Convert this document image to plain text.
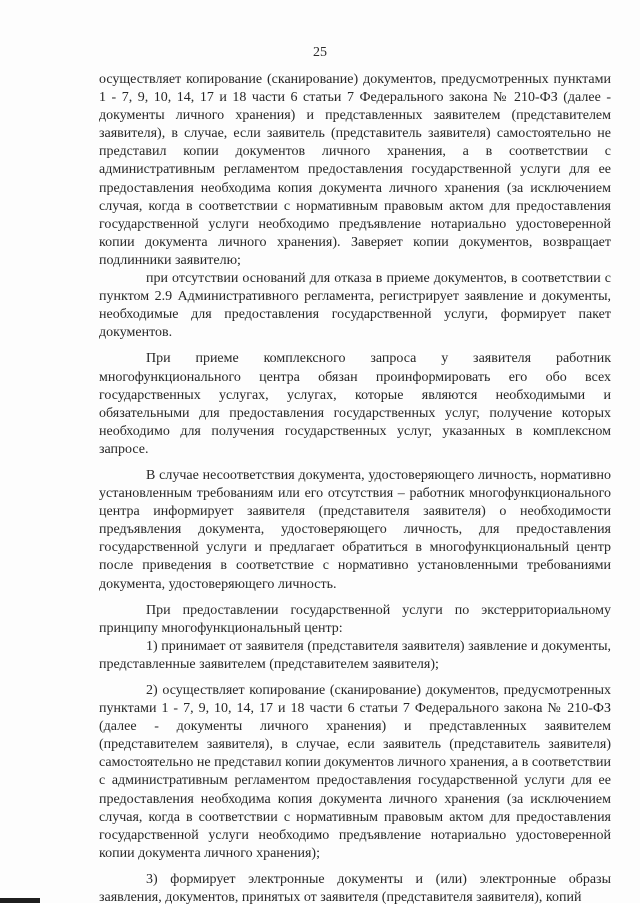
25

осуществляет копирование (сканирование) документов, предусмотренных пунктами 1 - 7, 9, 10, 14, 17 и 18 части 6 статьи 7 Федерального закона № 210-ФЗ (далее - документы личного хранения) и представленных заявителем (представителем заявителя), в случае, если заявитель (представитель заявителя) самостоятельно не представил копии документов личного хранения, а в соответствии с административным регламентом предоставления государственной услуги для ее предоставления необходима копия документа личного хранения (за исключением случая, когда в соответствии с нормативным правовым актом для предоставления государственной услуги необходимо предъявление нотариально удостоверенной копии документа личного хранения). Заверяет копии документов, возвращает подлинники заявителю;

при отсутствии оснований для отказа в приеме документов, в соответствии с пунктом 2.9 Административного регламента, регистрирует заявление и документы, необходимые для предоставления государственной услуги, формирует пакет документов.

При приеме комплексного запроса у заявителя работник многофункционального центра обязан проинформировать его обо всех государственных услугах, услугах, которые являются необходимыми и обязательными для предоставления государственных услуг, получение которых необходимо для получения государственных услуг, указанных в комплексном запросе.

В случае несоответствия документа, удостоверяющего личность, нормативно установленным требованиям или его отсутствия – работник многофункционального центра информирует заявителя (представителя заявителя) о необходимости предъявления документа, удостоверяющего личность, для предоставления государственной услуги и предлагает обратиться в многофункциональный центр после приведения в соответствие с нормативно установленными требованиями документа, удостоверяющего личность.

При предоставлении государственной услуги по экстерриториальному принципу многофункциональный центр:

1) принимает от заявителя (представителя заявителя) заявление и документы, представленные заявителем (представителем заявителя);

2) осуществляет копирование (сканирование) документов, предусмотренных пунктами 1 - 7, 9, 10, 14, 17 и 18 части 6 статьи 7 Федерального закона № 210-ФЗ (далее - документы личного хранения) и представленных заявителем (представителем заявителя), в случае, если заявитель (представитель заявителя) самостоятельно не представил копии документов личного хранения, а в соответствии с административным регламентом предоставления государственной услуги для ее предоставления необходима копия документа личного хранения (за исключением случая, когда в соответствии с нормативным правовым актом для предоставления государственной услуги необходимо предъявление нотариально удостоверенной копии документа личного хранения);

3) формирует электронные документы и (или) электронные образы заявления, документов, принятых от заявителя (представителя заявителя), копий
